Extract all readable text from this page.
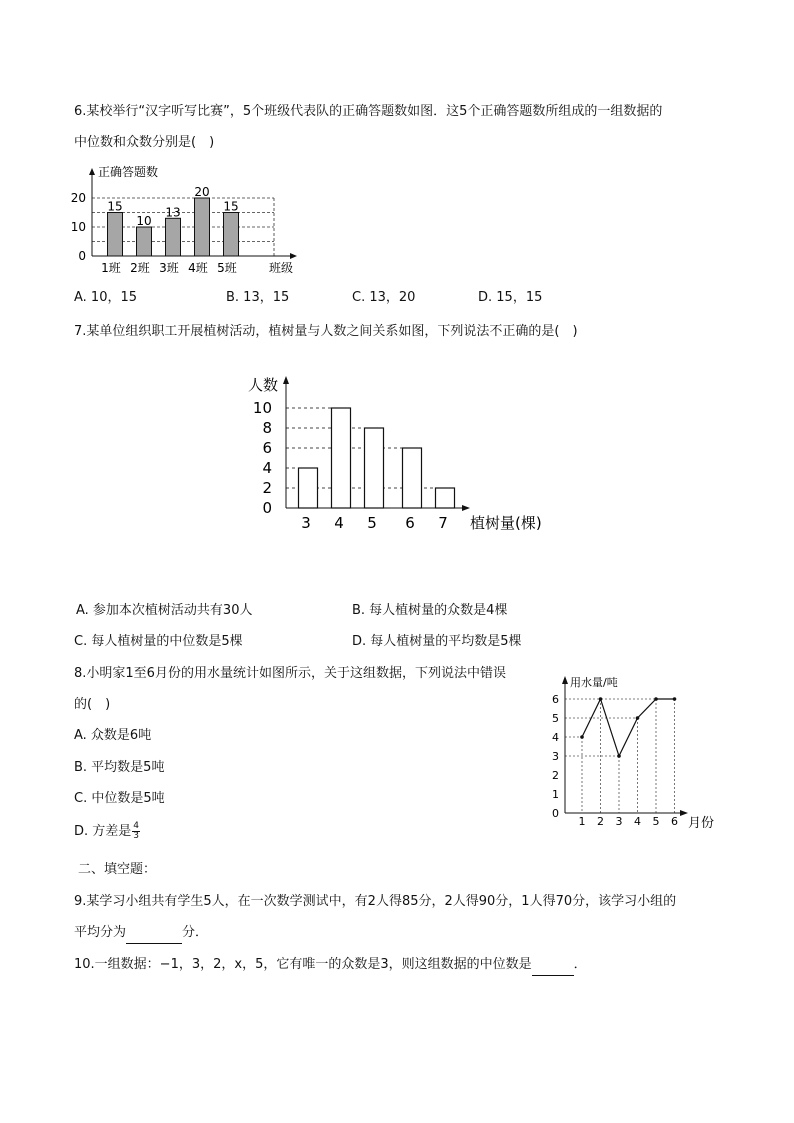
6.某校举行“汉字听写比赛”，5个班级代表队的正确答题数如图．这5个正确答题数所组成的一组数据的
中位数和众数分别是(　)
0
10
20
15
1班
10
2班
13
3班
20
4班
15
5班
正确答题数
班级
A. 10，15	B. 13，15	C. 13，20	D. 15，15
7.某单位组织职工开展植树活动，植树量与人数之间关系如图，下列说法不正确的是(　)
0
2
4
6
8
10
3 4 5 6 7
人数
植树量(棵)
A. 参加本次植树活动共有30人	B. 每人植树量的众数是4棵
C. 每人植树量的中位数是5棵	D. 每人植树量的平均数是5棵
8.小明家1至6月份的用水量统计如图所示，关于这组数据，下列说法中错误
的(　)
A. 众数是6吨
B. 平均数是5吨
C. 中位数是5吨
D. 方差是 $\frac{4}{3}$
0
1
2
3
4
5
6
1 2 3 4 5 6
用水量/吨
月份
二、填空题：
9.某学习小组共有学生5人，在一次数学测试中，有2人得85分，2人得90分，1人得70分，该学习小组的
平均分为	分．
10.一组数据：−1，3，2，x，5，它有唯一的众数是3，则这组数据的中位数是	．
